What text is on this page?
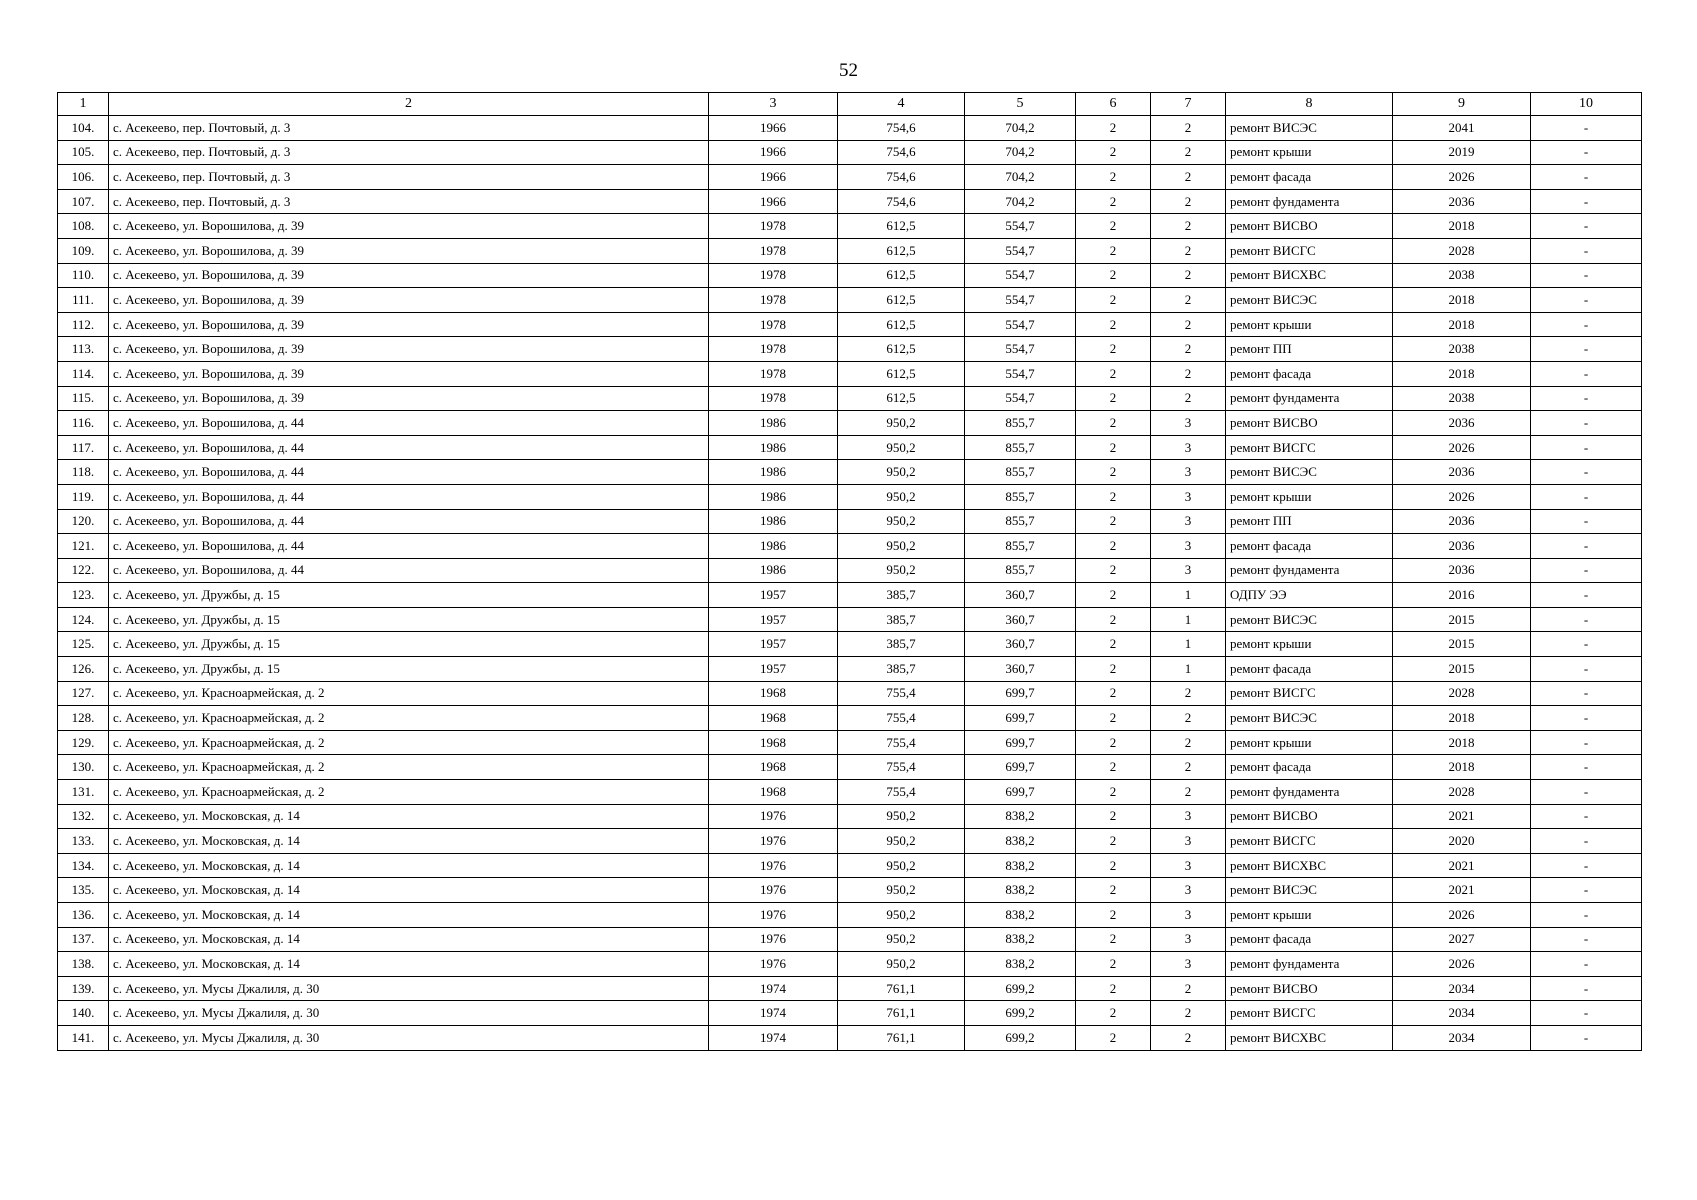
52
1	2	3	4	5	6	7	8	9	10
104.	с. Асекеево, пер. Почтовый, д. 3	1966	754,6	704,2	2	2	ремонт ВИСЭС	2041	-
105.	с. Асекеево, пер. Почтовый, д. 3	1966	754,6	704,2	2	2	ремонт крыши	2019	-
106.	с. Асекеево, пер. Почтовый, д. 3	1966	754,6	704,2	2	2	ремонт фасада	2026	-
107.	с. Асекеево, пер. Почтовый, д. 3	1966	754,6	704,2	2	2	ремонт фундамента	2036	-
108.	с. Асекеево, ул. Ворошилова, д. 39	1978	612,5	554,7	2	2	ремонт ВИСВО	2018	-
109.	с. Асекеево, ул. Ворошилова, д. 39	1978	612,5	554,7	2	2	ремонт ВИСГС	2028	-
110.	с. Асекеево, ул. Ворошилова, д. 39	1978	612,5	554,7	2	2	ремонт ВИСХВС	2038	-
111.	с. Асекеево, ул. Ворошилова, д. 39	1978	612,5	554,7	2	2	ремонт ВИСЭС	2018	-
112.	с. Асекеево, ул. Ворошилова, д. 39	1978	612,5	554,7	2	2	ремонт крыши	2018	-
113.	с. Асекеево, ул. Ворошилова, д. 39	1978	612,5	554,7	2	2	ремонт ПП	2038	-
114.	с. Асекеево, ул. Ворошилова, д. 39	1978	612,5	554,7	2	2	ремонт фасада	2018	-
115.	с. Асекеево, ул. Ворошилова, д. 39	1978	612,5	554,7	2	2	ремонт фундамента	2038	-
116.	с. Асекеево, ул. Ворошилова, д. 44	1986	950,2	855,7	2	3	ремонт ВИСВО	2036	-
117.	с. Асекеево, ул. Ворошилова, д. 44	1986	950,2	855,7	2	3	ремонт ВИСГС	2026	-
118.	с. Асекеево, ул. Ворошилова, д. 44	1986	950,2	855,7	2	3	ремонт ВИСЭС	2036	-
119.	с. Асекеево, ул. Ворошилова, д. 44	1986	950,2	855,7	2	3	ремонт крыши	2026	-
120.	с. Асекеево, ул. Ворошилова, д. 44	1986	950,2	855,7	2	3	ремонт ПП	2036	-
121.	с. Асекеево, ул. Ворошилова, д. 44	1986	950,2	855,7	2	3	ремонт фасада	2036	-
122.	с. Асекеево, ул. Ворошилова, д. 44	1986	950,2	855,7	2	3	ремонт фундамента	2036	-
123.	с. Асекеево, ул. Дружбы, д. 15	1957	385,7	360,7	2	1	ОДПУ ЭЭ	2016	-
124.	с. Асекеево, ул. Дружбы, д. 15	1957	385,7	360,7	2	1	ремонт ВИСЭС	2015	-
125.	с. Асекеево, ул. Дружбы, д. 15	1957	385,7	360,7	2	1	ремонт крыши	2015	-
126.	с. Асекеево, ул. Дружбы, д. 15	1957	385,7	360,7	2	1	ремонт фасада	2015	-
127.	с. Асекеево, ул. Красноармейская, д. 2	1968	755,4	699,7	2	2	ремонт ВИСГС	2028	-
128.	с. Асекеево, ул. Красноармейская, д. 2	1968	755,4	699,7	2	2	ремонт ВИСЭС	2018	-
129.	с. Асекеево, ул. Красноармейская, д. 2	1968	755,4	699,7	2	2	ремонт крыши	2018	-
130.	с. Асекеево, ул. Красноармейская, д. 2	1968	755,4	699,7	2	2	ремонт фасада	2018	-
131.	с. Асекеево, ул. Красноармейская, д. 2	1968	755,4	699,7	2	2	ремонт фундамента	2028	-
132.	с. Асекеево, ул. Московская, д. 14	1976	950,2	838,2	2	3	ремонт ВИСВО	2021	-
133.	с. Асекеево, ул. Московская, д. 14	1976	950,2	838,2	2	3	ремонт ВИСГС	2020	-
134.	с. Асекеево, ул. Московская, д. 14	1976	950,2	838,2	2	3	ремонт ВИСХВС	2021	-
135.	с. Асекеево, ул. Московская, д. 14	1976	950,2	838,2	2	3	ремонт ВИСЭС	2021	-
136.	с. Асекеево, ул. Московская, д. 14	1976	950,2	838,2	2	3	ремонт крыши	2026	-
137.	с. Асекеево, ул. Московская, д. 14	1976	950,2	838,2	2	3	ремонт фасада	2027	-
138.	с. Асекеево, ул. Московская, д. 14	1976	950,2	838,2	2	3	ремонт фундамента	2026	-
139.	с. Асекеево, ул. Мусы Джалиля, д. 30	1974	761,1	699,2	2	2	ремонт ВИСВО	2034	-
140.	с. Асекеево, ул. Мусы Джалиля, д. 30	1974	761,1	699,2	2	2	ремонт ВИСГС	2034	-
141.	с. Асекеево, ул. Мусы Джалиля, д. 30	1974	761,1	699,2	2	2	ремонт ВИСХВС	2034	-
